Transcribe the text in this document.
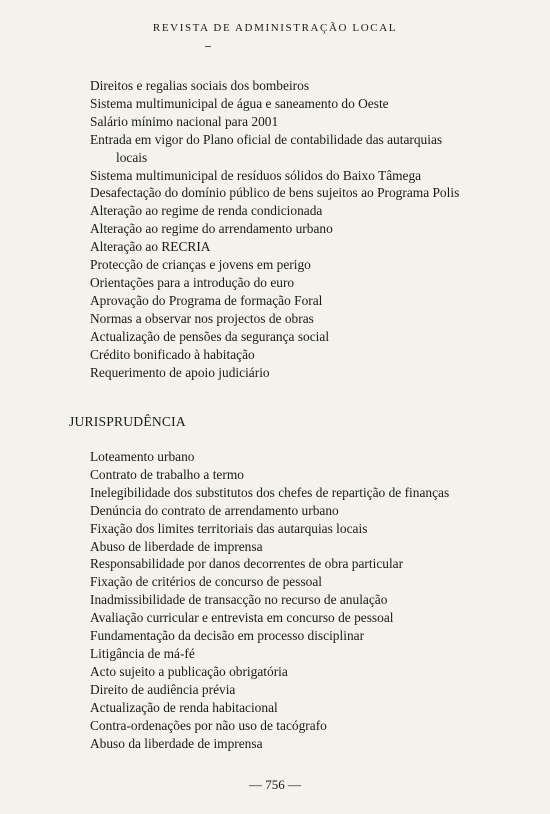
REVISTA DE ADMINISTRAÇÃO LOCAL
Direitos e regalias sociais dos bombeiros
Sistema multimunicipal de água e saneamento do Oeste
Salário mínimo nacional para 2001
Entrada em vigor do Plano oficial de contabilidade das autarquias
locais
Sistema multimunicipal de resíduos sólidos do Baixo Tâmega
Desafectação do domínio público de bens sujeitos ao Programa Polis
Alteração ao regime de renda condicionada
Alteração ao regime do arrendamento urbano
Alteração ao RECRIA
Protecção de crianças e jovens em perigo
Orientações para a introdução do euro
Aprovação do Programa de formação Foral
Normas a observar nos projectos de obras
Actualização de pensões da segurança social
Crédito bonificado à habitação
Requerimento de apoio judiciário
JURISPRUDÊNCIA
Loteamento urbano
Contrato de trabalho a termo
Inelegibilidade dos substitutos dos chefes de repartição de finanças
Denúncia do contrato de arrendamento urbano
Fixação dos limites territoriais das autarquias locais
Abuso de liberdade de imprensa
Responsabilidade por danos decorrentes de obra particular
Fixação de critérios de concurso de pessoal
Inadmissibilidade de transacção no recurso de anulação
Avaliação curricular e entrevista em concurso de pessoal
Fundamentação da decisão em processo disciplinar
Litigância de má-fé
Acto sujeito a publicação obrigatória
Direito de audiência prévia
Actualização de renda habitacional
Contra-ordenações por não uso de tacógrafo
Abuso da liberdade de imprensa
— 756 —
